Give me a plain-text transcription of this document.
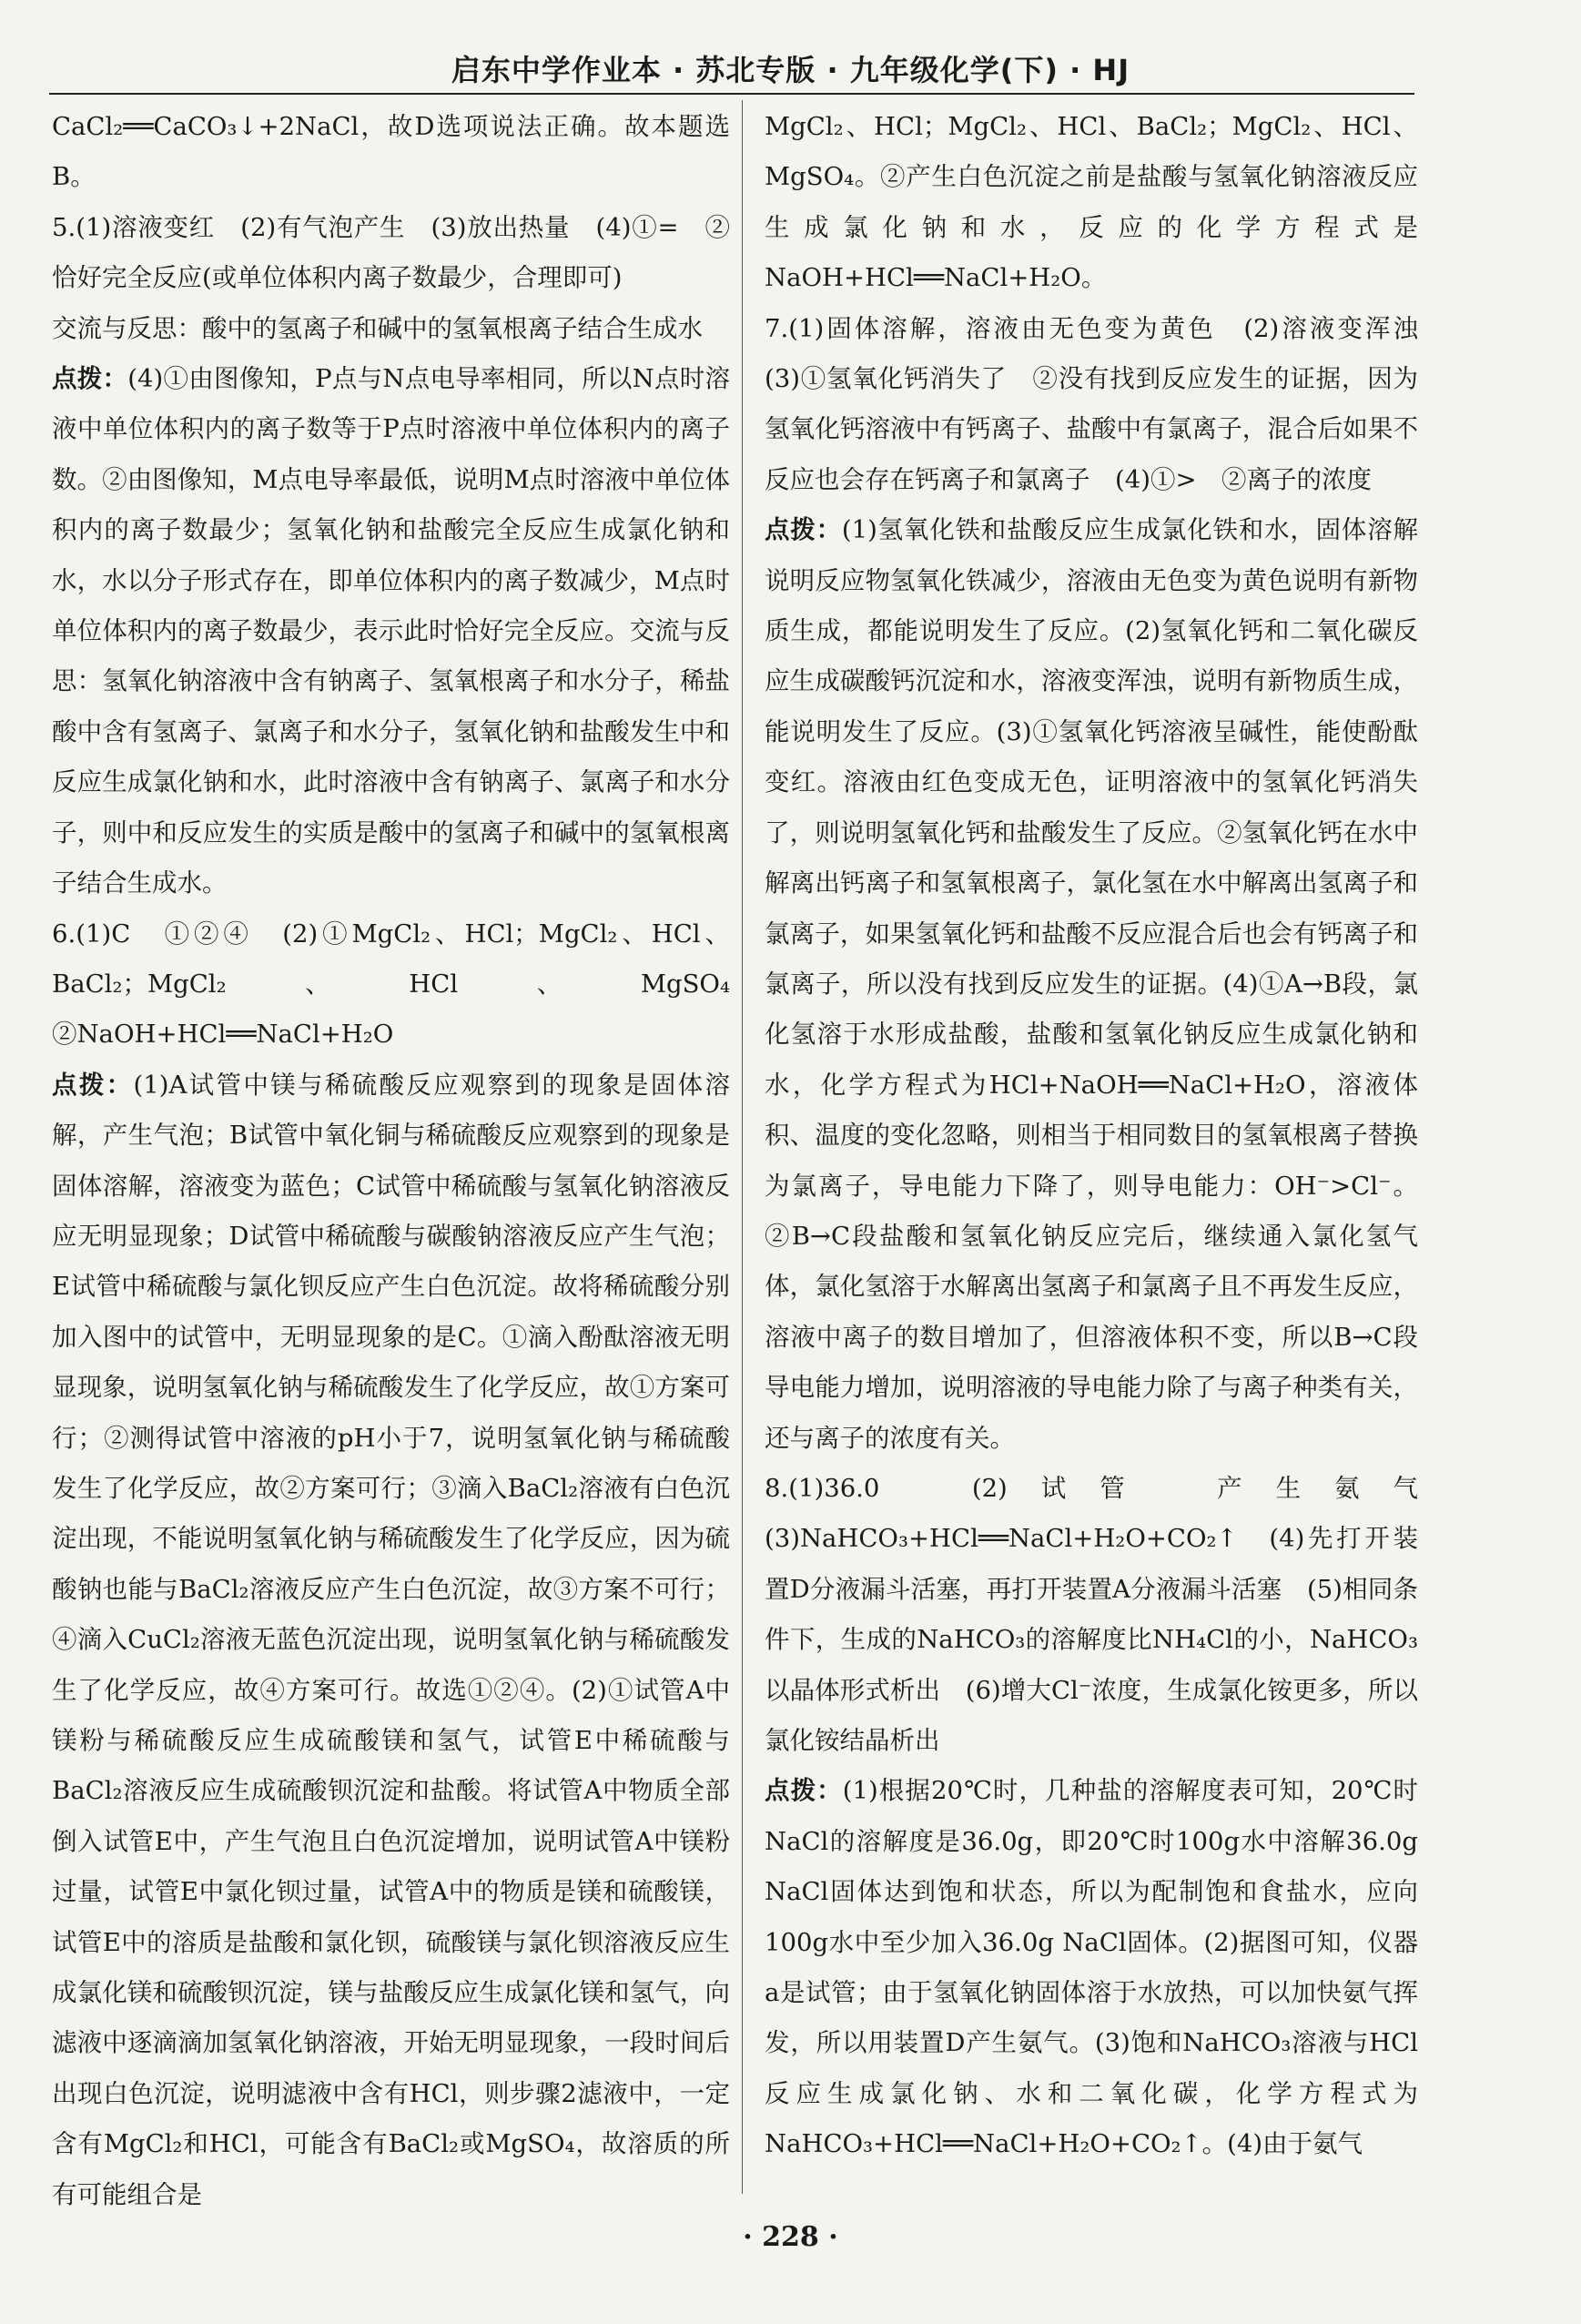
启东中学作业本 · 苏北专版 · 九年级化学(下) · HJ

CaCl₂══CaCO₃↓+2NaCl，故D选项说法正确。故本题选B。

5.(1)溶液变红　(2)有气泡产生　(3)放出热量　(4)①=　②恰好完全反应(或单位体积内离子数最少，合理即可)

交流与反思：酸中的氢离子和碱中的氢氧根离子结合生成水

点拨：(4)①由图像知，P点与N点电导率相同，所以N点时溶液中单位体积内的离子数等于P点时溶液中单位体积内的离子数。②由图像知，M点电导率最低，说明M点时溶液中单位体积内的离子数最少；氢氧化钠和盐酸完全反应生成氯化钠和水，水以分子形式存在，即单位体积内的离子数减少，M点时单位体积内的离子数最少，表示此时恰好完全反应。交流与反思：氢氧化钠溶液中含有钠离子、氢氧根离子和水分子，稀盐酸中含有氢离子、氯离子和水分子，氢氧化钠和盐酸发生中和反应生成氯化钠和水，此时溶液中含有钠离子、氯离子和水分子，则中和反应发生的实质是酸中的氢离子和碱中的氢氧根离子结合生成水。

6.(1)C　①②④　(2)①MgCl₂、HCl；MgCl₂、HCl、BaCl₂；MgCl₂、HCl、MgSO₄　②NaOH+HCl══NaCl+H₂O

点拨：(1)A试管中镁与稀硫酸反应观察到的现象是固体溶解，产生气泡；B试管中氧化铜与稀硫酸反应观察到的现象是固体溶解，溶液变为蓝色；C试管中稀硫酸与氢氧化钠溶液反应无明显现象；D试管中稀硫酸与碳酸钠溶液反应产生气泡；E试管中稀硫酸与氯化钡反应产生白色沉淀。故将稀硫酸分别加入图中的试管中，无明显现象的是C。①滴入酚酞溶液无明显现象，说明氢氧化钠与稀硫酸发生了化学反应，故①方案可行；②测得试管中溶液的pH小于7，说明氢氧化钠与稀硫酸发生了化学反应，故②方案可行；③滴入BaCl₂溶液有白色沉淀出现，不能说明氢氧化钠与稀硫酸发生了化学反应，因为硫酸钠也能与BaCl₂溶液反应产生白色沉淀，故③方案不可行；④滴入CuCl₂溶液无蓝色沉淀出现，说明氢氧化钠与稀硫酸发生了化学反应，故④方案可行。故选①②④。(2)①试管A中镁粉与稀硫酸反应生成硫酸镁和氢气，试管E中稀硫酸与BaCl₂溶液反应生成硫酸钡沉淀和盐酸。将试管A中物质全部倒入试管E中，产生气泡且白色沉淀增加，说明试管A中镁粉过量，试管E中氯化钡过量，试管A中的物质是镁和硫酸镁，试管E中的溶质是盐酸和氯化钡，硫酸镁与氯化钡溶液反应生成氯化镁和硫酸钡沉淀，镁与盐酸反应生成氯化镁和氢气，向滤液中逐滴滴加氢氧化钠溶液，开始无明显现象，一段时间后出现白色沉淀，说明滤液中含有HCl，则步骤2滤液中，一定含有MgCl₂和HCl，可能含有BaCl₂或MgSO₄，故溶质的所有可能组合是

MgCl₂、HCl；MgCl₂、HCl、BaCl₂；MgCl₂、HCl、MgSO₄。②产生白色沉淀之前是盐酸与氢氧化钠溶液反应生成氯化钠和水，反应的化学方程式是NaOH+HCl══NaCl+H₂O。

7.(1)固体溶解，溶液由无色变为黄色　(2)溶液变浑浊　(3)①氢氧化钙消失了　②没有找到反应发生的证据，因为氢氧化钙溶液中有钙离子、盐酸中有氯离子，混合后如果不反应也会存在钙离子和氯离子　(4)①>　②离子的浓度

点拨：(1)氢氧化铁和盐酸反应生成氯化铁和水，固体溶解说明反应物氢氧化铁减少，溶液由无色变为黄色说明有新物质生成，都能说明发生了反应。(2)氢氧化钙和二氧化碳反应生成碳酸钙沉淀和水，溶液变浑浊，说明有新物质生成，能说明发生了反应。(3)①氢氧化钙溶液呈碱性，能使酚酞变红。溶液由红色变成无色，证明溶液中的氢氧化钙消失了，则说明氢氧化钙和盐酸发生了反应。②氢氧化钙在水中解离出钙离子和氢氧根离子，氯化氢在水中解离出氢离子和氯离子，如果氢氧化钙和盐酸不反应混合后也会有钙离子和氯离子，所以没有找到反应发生的证据。(4)①A→B段，氯化氢溶于水形成盐酸，盐酸和氢氧化钠反应生成氯化钠和水，化学方程式为HCl+NaOH══NaCl+H₂O，溶液体积、温度的变化忽略，则相当于相同数目的氢氧根离子替换为氯离子，导电能力下降了，则导电能力：OH⁻>Cl⁻。②B→C段盐酸和氢氧化钠反应完后，继续通入氯化氢气体，氯化氢溶于水解离出氢离子和氯离子且不再发生反应，溶液中离子的数目增加了，但溶液体积不变，所以B→C段导电能力增加，说明溶液的导电能力除了与离子种类有关，还与离子的浓度有关。

8.(1)36.0　(2)试管　产生氨气　(3)NaHCO₃+HCl══NaCl+H₂O+CO₂↑　(4)先打开装置D分液漏斗活塞，再打开装置A分液漏斗活塞　(5)相同条件下，生成的NaHCO₃的溶解度比NH₄Cl的小，NaHCO₃以晶体形式析出　(6)增大Cl⁻浓度，生成氯化铵更多，所以氯化铵结晶析出

点拨：(1)根据20℃时，几种盐的溶解度表可知，20℃时NaCl的溶解度是36.0g，即20℃时100g水中溶解36.0g NaCl固体达到饱和状态，所以为配制饱和食盐水，应向100g水中至少加入36.0g NaCl固体。(2)据图可知，仪器a是试管；由于氢氧化钠固体溶于水放热，可以加快氨气挥发，所以用装置D产生氨气。(3)饱和NaHCO₃溶液与HCl反应生成氯化钠、水和二氧化碳，化学方程式为NaHCO₃+HCl══NaCl+H₂O+CO₂↑。(4)由于氨气

· 228 ·
